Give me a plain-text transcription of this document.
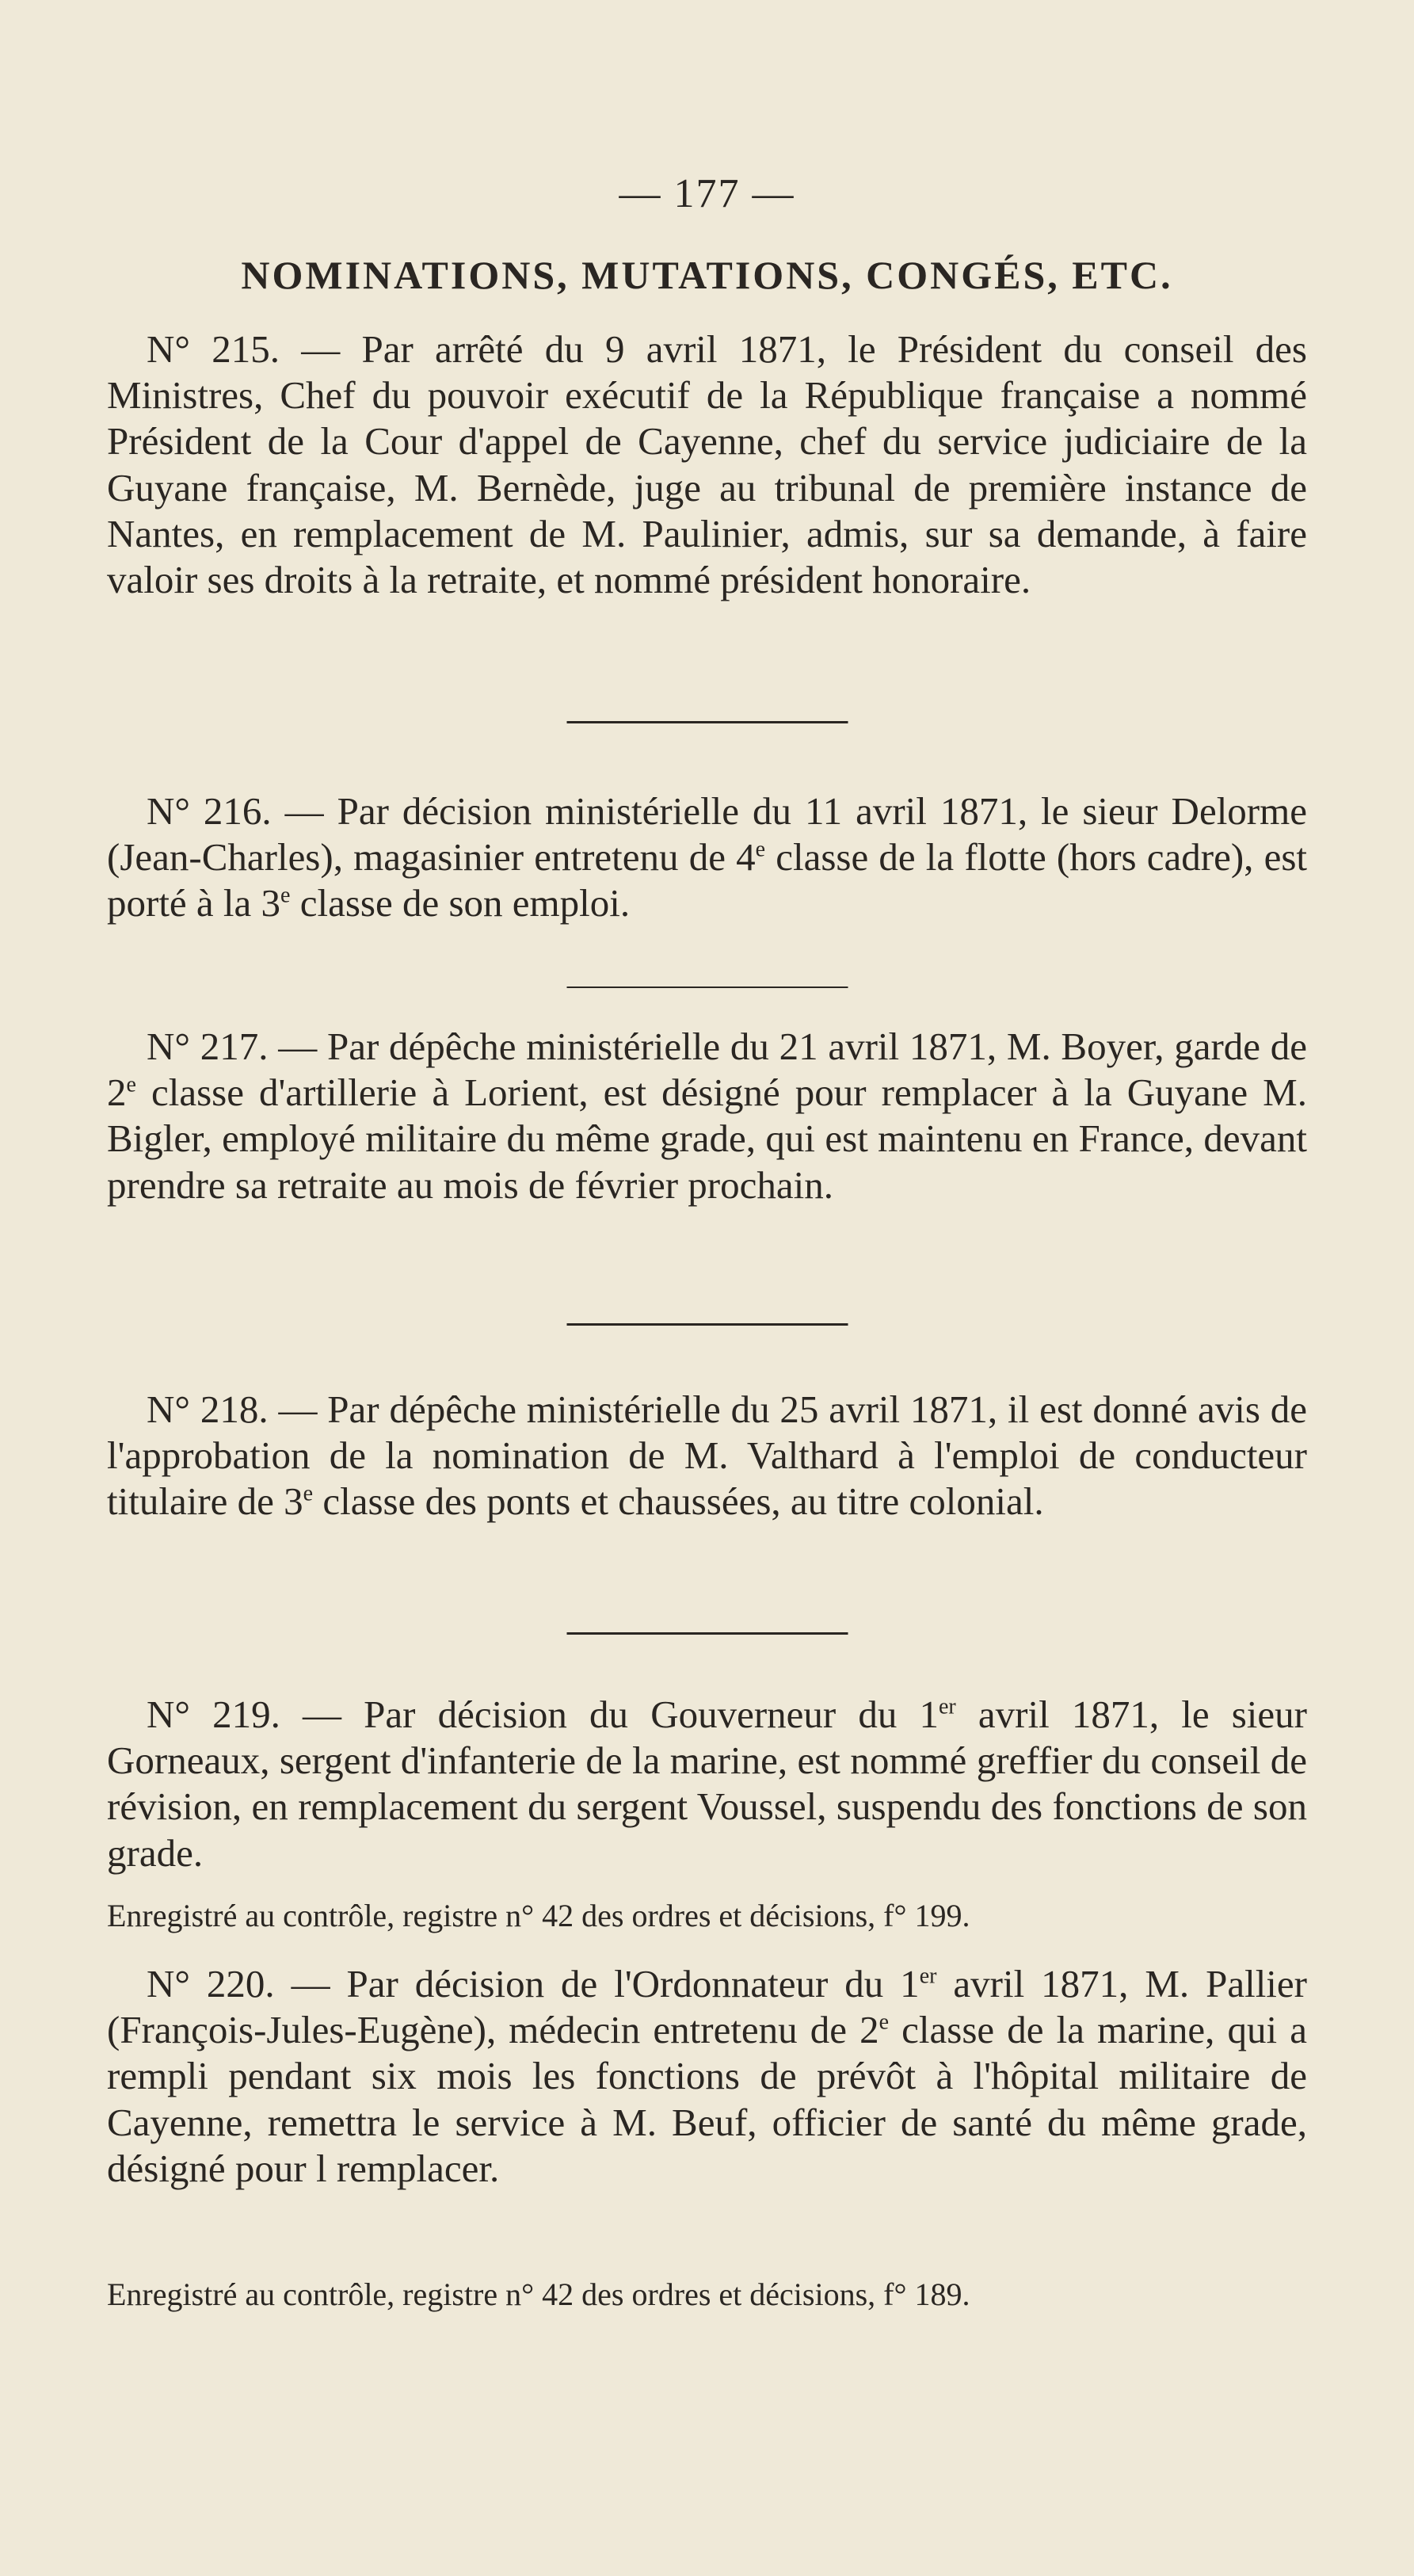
— 177 —
NOMINATIONS, MUTATIONS, CONGÉS, ETC.

N° 215. — Par arrêté du 9 avril 1871, le Président du conseil des Ministres, Chef du pouvoir exécutif de la République française a nommé Président de la Cour d'appel de Cayenne, chef du service judiciaire de la Guyane française, M. Bernède, juge au tribunal de première instance de Nantes, en remplacement de M. Paulinier, admis, sur sa demande, à faire valoir ses droits à la retraite, et nommé président honoraire.

N° 216. — Par décision ministérielle du 11 avril 1871, le sieur Delorme (Jean-Charles), magasinier entretenu de 4e classe de la flotte (hors cadre), est porté à la 3e classe de son emploi.

N° 217. — Par dépêche ministérielle du 21 avril 1871, M. Boyer, garde de 2e classe d'artillerie à Lorient, est désigné pour remplacer à la Guyane M. Bigler, employé militaire du même grade, qui est maintenu en France, devant prendre sa retraite au mois de février prochain.

N° 218. — Par dépêche ministérielle du 25 avril 1871, il est donné avis de l'approbation de la nomination de M. Valthard à l'emploi de conducteur titulaire de 3e classe des ponts et chaussées, au titre colonial.

N° 219. — Par décision du Gouverneur du 1er avril 1871, le sieur Gorneaux, sergent d'infanterie de la marine, est nommé greffier du conseil de révision, en remplacement du sergent Voussel, suspendu des fonctions de son grade.

Enregistré au contrôle, registre n° 42 des ordres et décisions, f° 199.

N° 220. — Par décision de l'Ordonnateur du 1er avril 1871, M. Pallier (François-Jules-Eugène), médecin entretenu de 2e classe de la marine, qui a rempli pendant six mois les fonctions de prévôt à l'hôpital militaire de Cayenne, remettra le service à M. Beuf, officier de santé du même grade, désigné pour l remplacer.

Enregistré au contrôle, registre n° 42 des ordres et décisions, f° 189.
